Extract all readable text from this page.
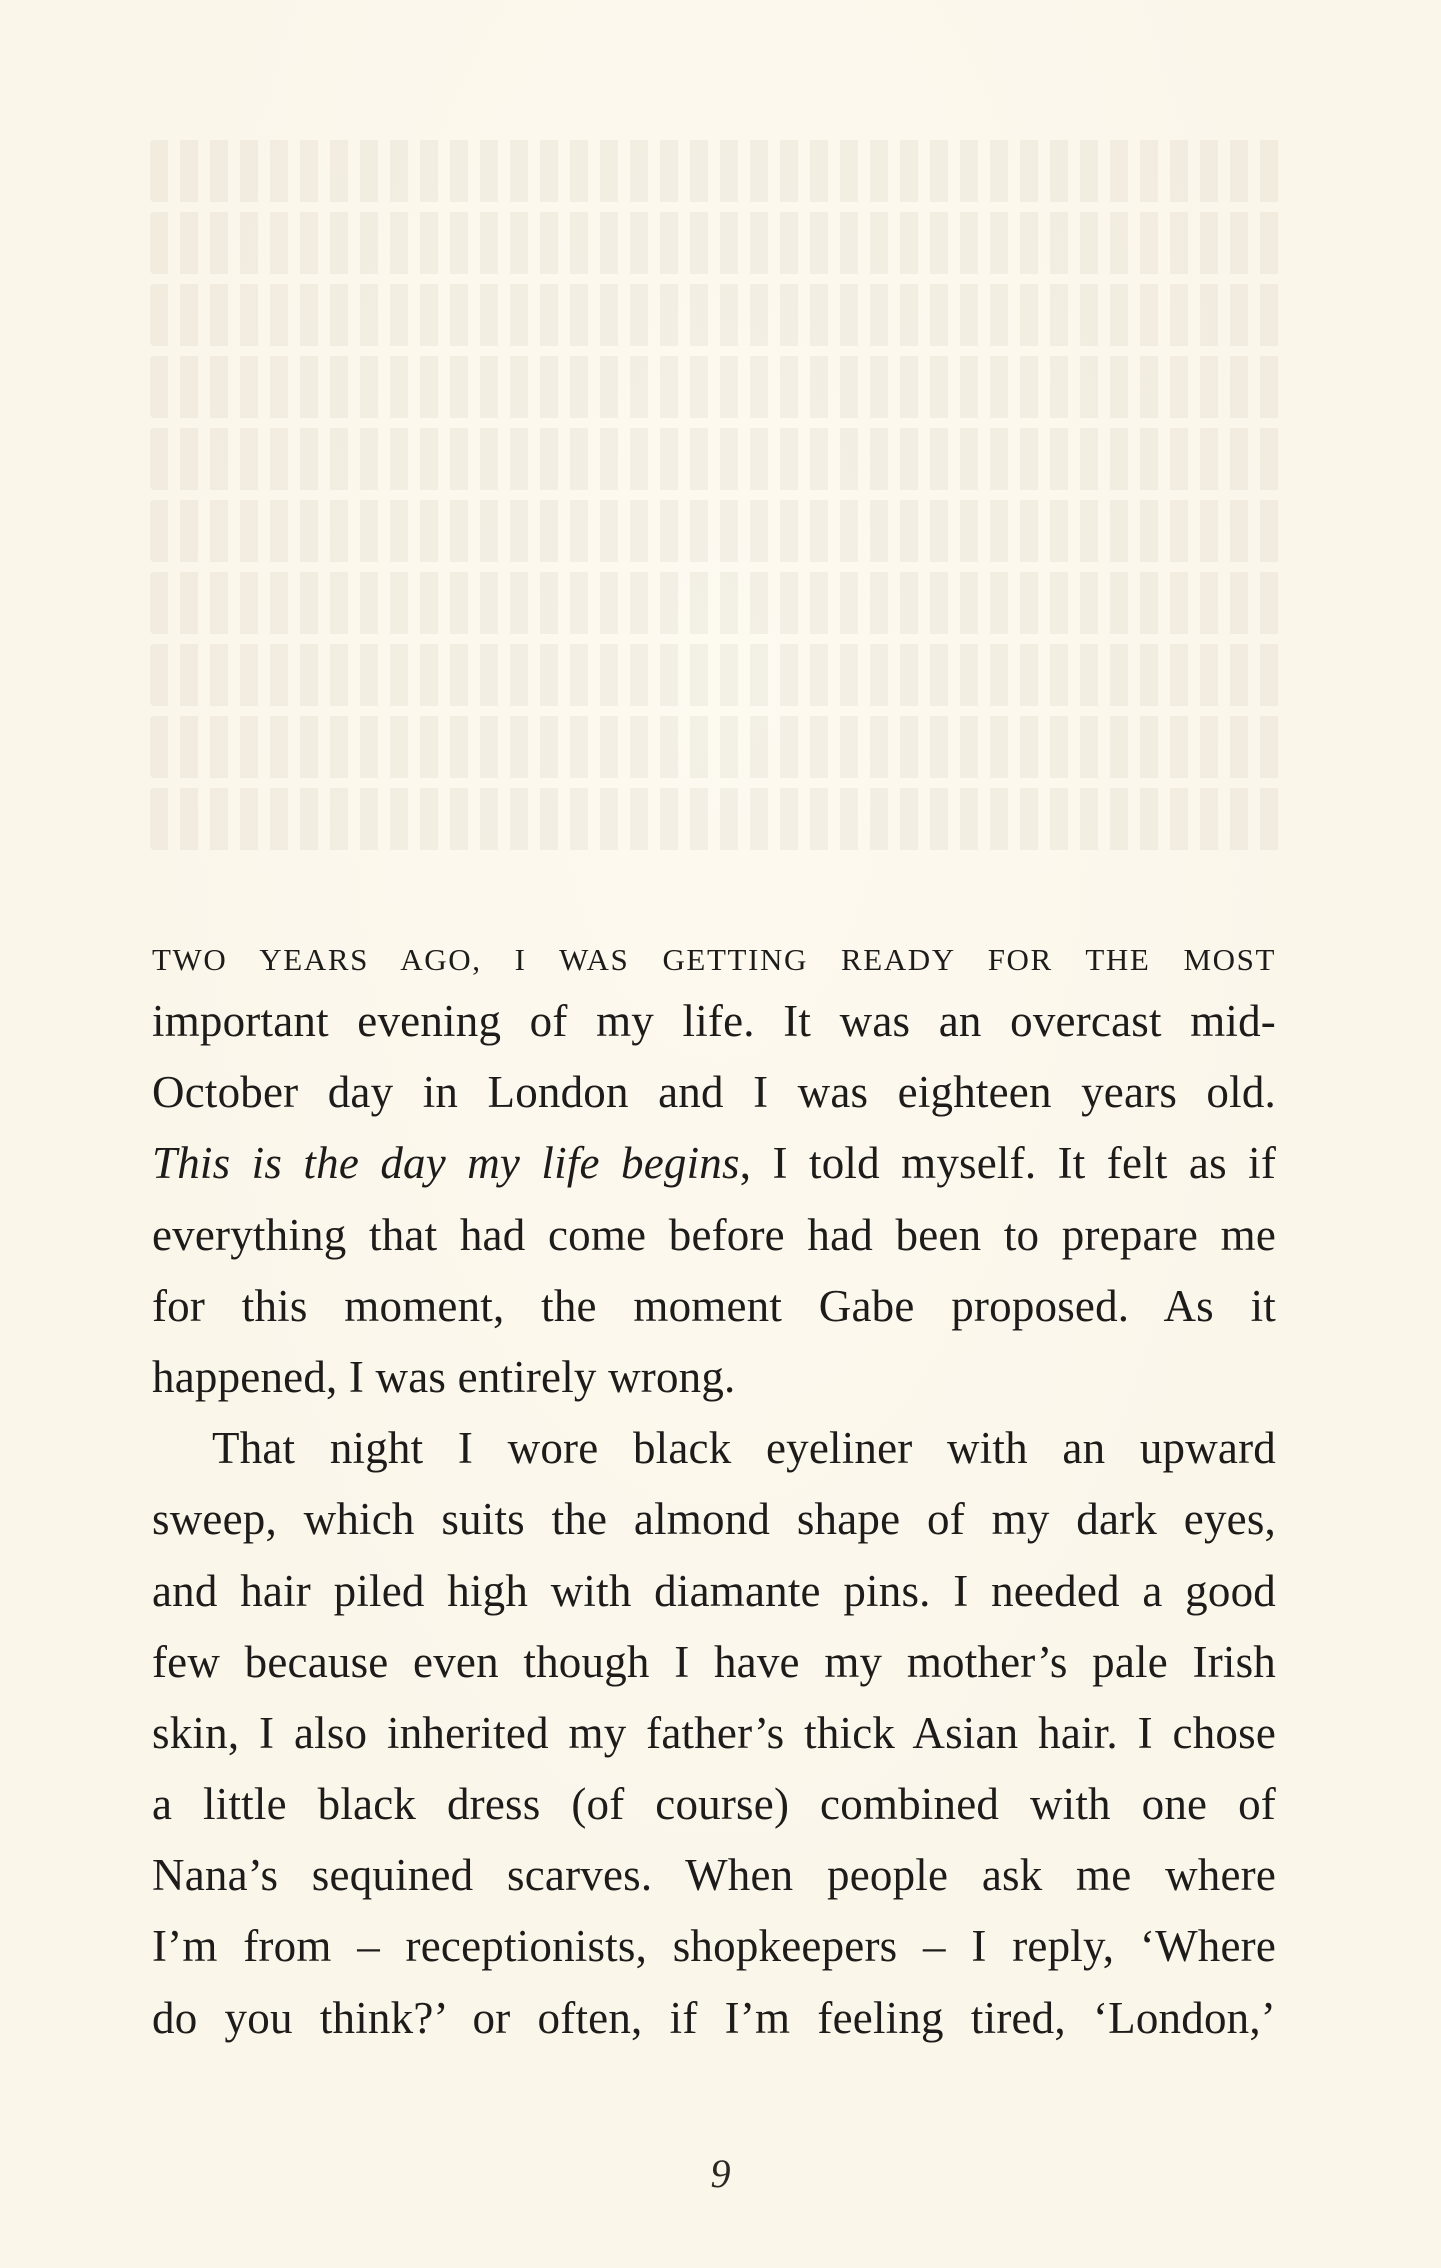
TWO YEARS AGO, I WAS GETTING READY FOR THE MOST
important evening of my life. It was an overcast mid-
October day in London and I was eighteen years old.
This is the day my life begins, I told myself. It felt as if
everything that had come before had been to prepare me
for this moment, the moment Gabe proposed. As it
happened, I was entirely wrong.
That night I wore black eyeliner with an upward
sweep, which suits the almond shape of my dark eyes,
and hair piled high with diamante pins. I needed a good
few because even though I have my mother’s pale Irish
skin, I also inherited my father’s thick Asian hair. I chose
a little black dress (of course) combined with one of
Nana’s sequined scarves. When people ask me where
I’m from – receptionists, shopkeepers – I reply, ‘Where
do you think?’ or often, if I’m feeling tired, ‘London,’
9
